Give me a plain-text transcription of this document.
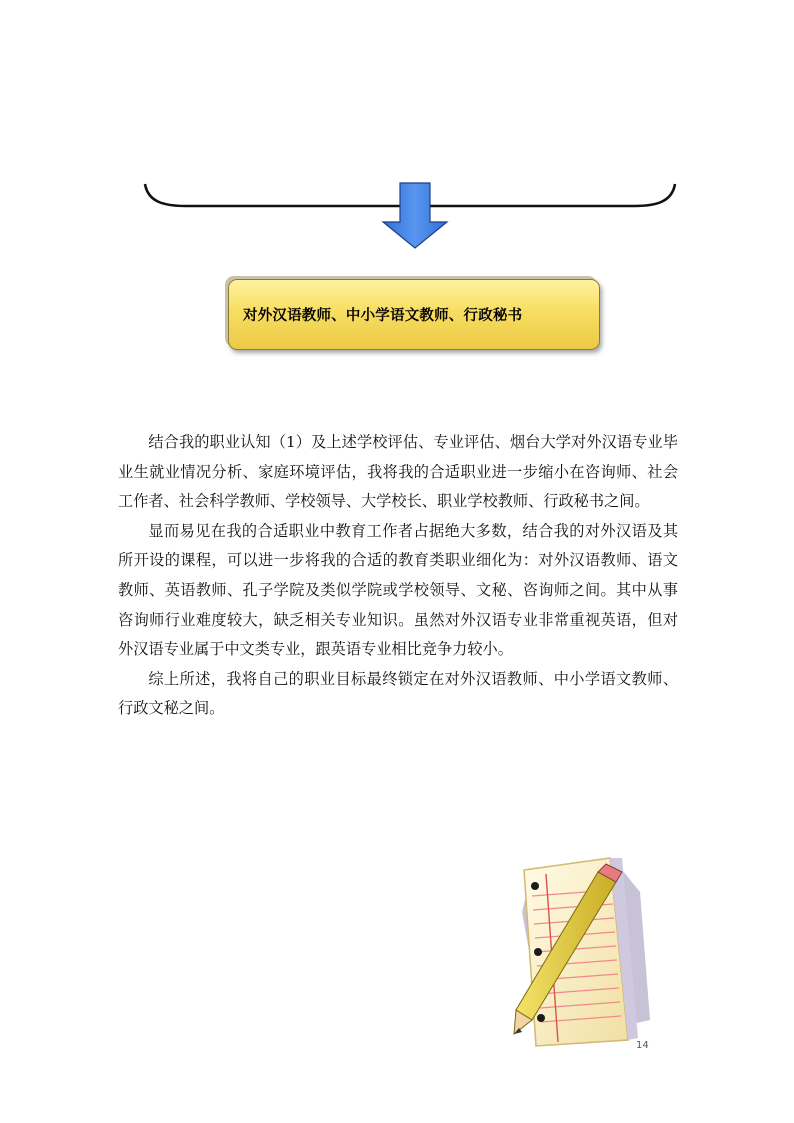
对外汉语教师、中小学语文教师、行政秘书

结合我的职业认知（1）及上述学校评估、专业评估、烟台大学对外汉语专业毕业生就业情况分析、家庭环境评估，我将我的合适职业进一步缩小在咨询师、社会工作者、社会科学教师、学校领导、大学校长、职业学校教师、行政秘书之间。

显而易见在我的合适职业中教育工作者占据绝大多数，结合我的对外汉语及其所开设的课程，可以进一步将我的合适的教育类职业细化为：对外汉语教师、语文教师、英语教师、孔子学院及类似学院或学校领导、文秘、咨询师之间。其中从事咨询师行业难度较大，缺乏相关专业知识。虽然对外汉语专业非常重视英语，但对外汉语专业属于中文类专业，跟英语专业相比竞争力较小。

综上所述，我将自己的职业目标最终锁定在对外汉语教师、中小学语文教师、行政文秘之间。

14
